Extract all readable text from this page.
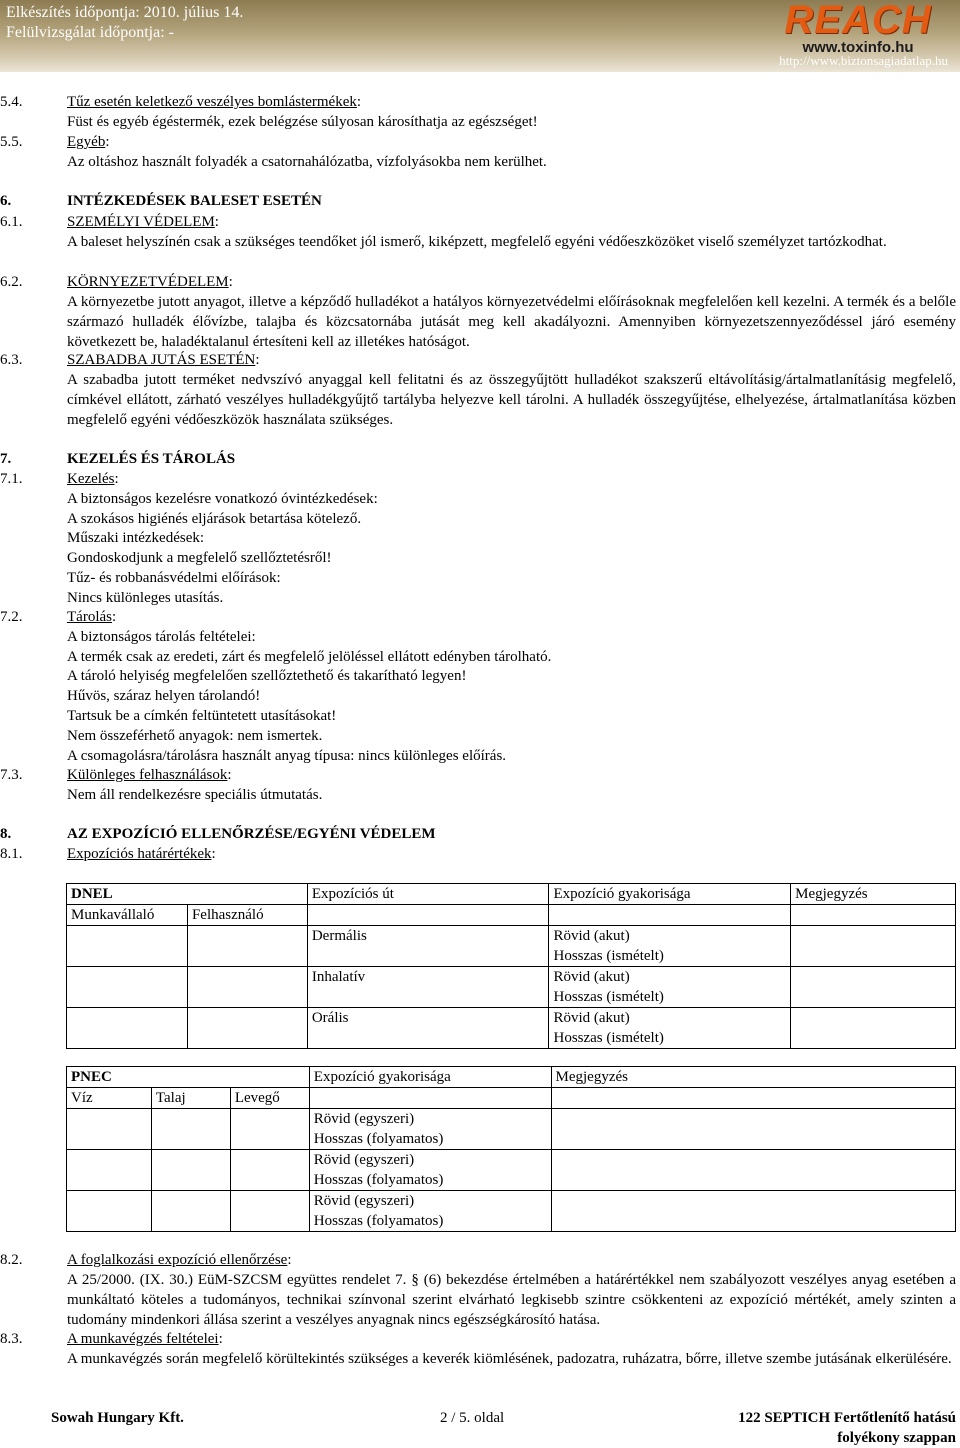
Elkészítés időpontja: 2010. július 14.
Felülvizsgálat időpontja: -	REACH
www.toxinfo.hu
http://www.biztonsagiadatlap.hu
5.4.	Tűz esetén keletkező veszélyes bomlástermékek:
Füst és egyéb égéstermék, ezek belégzése súlyosan károsíthatja az egészséget!
5.5.	Egyéb:
Az oltáshoz használt folyadék a csatornahálózatba, vízfolyásokba nem kerülhet.
6.	INTÉZKEDÉSEK BALESET ESETÉN
6.1.	SZEMÉLYI VÉDELEM:
A baleset helyszínén csak a szükséges teendőket jól ismerő, kiképzett, megfelelő egyéni védőeszközöket viselő személyzet tartózkodhat.
6.2.	KÖRNYEZETVÉDELEM:
A környezetbe jutott anyagot, illetve a képződő hulladékot a hatályos környezetvédelmi előírásoknak megfelelően kell kezelni. A termék és a belőle származó hulladék élővízbe, talajba és közcsatornába jutását meg kell akadályozni. Amennyiben környezetszennyeződéssel járó esemény következett be, haladéktalanul értesíteni kell az illetékes hatóságot.
6.3.	SZABADBA JUTÁS ESETÉN:
A szabadba jutott terméket nedvszívó anyaggal kell felitatni és az összegyűjtött hulladékot szakszerű eltávolításig/ártalmatlanításig megfelelő, címkével ellátott, zárható veszélyes hulladékgyűjtő tartályba helyezve kell tárolni. A hulladék összegyűjtése, elhelyezése, ártalmatlanítása közben megfelelő egyéni védőeszközök használata szükséges.
7.	KEZELÉS ÉS TÁROLÁS
7.1.	Kezelés:
A biztonságos kezelésre vonatkozó óvintézkedések:
A szokásos higiénés eljárások betartása kötelező.
Műszaki intézkedések:
Gondoskodjunk a megfelelő szellőztetésről!
Tűz- és robbanásvédelmi előírások:
Nincs különleges utasítás.
7.2.	Tárolás:
A biztonságos tárolás feltételei:
A termék csak az eredeti, zárt és megfelelő jelöléssel ellátott edényben tárolható.
A tároló helyiség megfelelően szellőztethető és takarítható legyen!
Hűvös, száraz helyen tárolandó!
Tartsuk be a címkén feltüntetett utasításokat!
Nem összeférhető anyagok: nem ismertek.
A csomagolásra/tárolásra használt anyag típusa: nincs különleges előírás.
7.3.	Különleges felhasználások:
Nem áll rendelkezésre speciális útmutatás.
8.	AZ EXPOZÍCIÓ ELLENŐRZÉSE/EGYÉNI VÉDELEM
8.1.	Expozíciós határértékek:
DNEL		Expozíciós út	Expozíció gyakorisága	Megjegyzés
Munkavállaló	Felhasználó			
		Dermális	Rövid (akut)
Hosszas (ismételt)	

		Inhalatív	Rövid (akut)
Hosszas (ismételt)	

		Orális	Rövid (akut)
Hosszas (ismételt)	

PNEC			Expozíció gyakorisága	Megjegyzés
Víz	Talaj	Levegő		

			Rövid (egyszeri)
Hosszas (folyamatos)	

			Rövid (egyszeri)
Hosszas (folyamatos)	

			Rövid (egyszeri)
Hosszas (folyamatos)	

8.2.	A foglalkozási expozíció ellenőrzése:
A 25/2000. (IX. 30.) EüM-SZCSM együttes rendelet 7. § (6) bekezdése értelmében a határértékkel nem szabályozott veszélyes anyag esetében a munkáltató köteles a tudományos, technikai színvonal szerint elvárható legkisebb szintre csökkenteni az expozíció mértékét, amely szinten a tudomány mindenkori állása szerint a veszélyes anyagnak nincs egészségkárosító hatása.
8.3.	A munkavégzés feltételei:
A munkavégzés során megfelelő körültekintés szükséges a keverék kiömlésének, padozatra, ruházatra, bőrre, illetve szembe jutásának elkerülésére.
Sowah Hungary Kft.	2 / 5. oldal	122 SEPTICH Fertőtlenítő hatású
folyékony szappan
